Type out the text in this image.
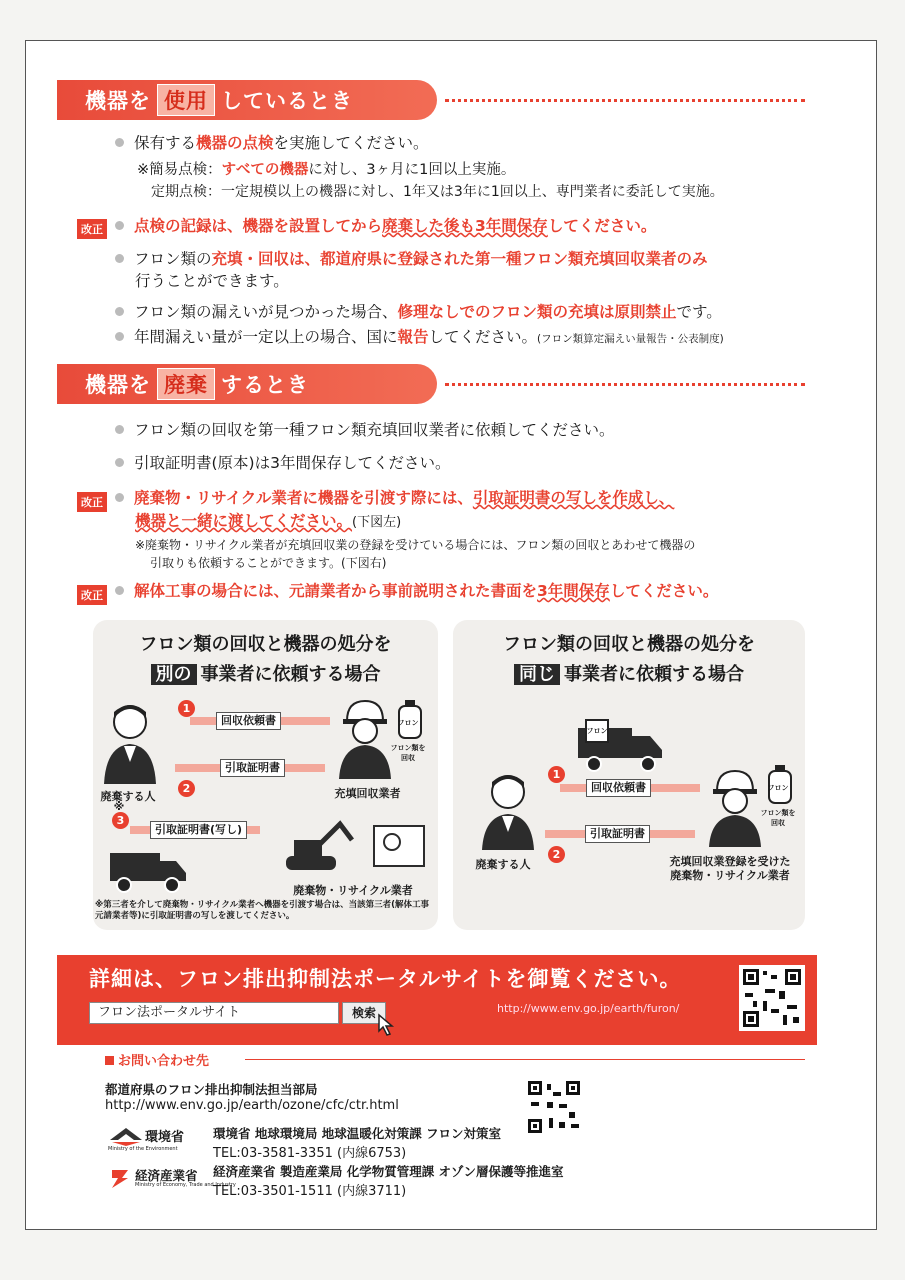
機器を 使用 しているとき
保有する機器の点検を実施してください。
※簡易点検：すべての機器に対し、3ヶ月に1回以上実施。
定期点検：一定規模以上の機器に対し、1年又は3年に1回以上、専門業者に委託して実施。
改正	点検の記録は、機器を設置してから廃棄した後も3年間保存してください。
フロン類の充填・回収は、都道府県に登録された第一種フロン類充填回収業者のみ
行うことができます。
フロン類の漏えいが見つかった場合、修理なしでのフロン類の充填は原則禁止です。
年間漏えい量が一定以上の場合、国に報告してください。(フロン類算定漏えい量報告・公表制度)
機器を 廃棄 するとき
フロン類の回収を第一種フロン類充填回収業者に依頼してください。
引取証明書(原本)は3年間保存してください。
改正	廃棄物・リサイクル業者に機器を引渡す際には、引取証明書の写しを作成し、
機器と一緒に渡してください。(下図左)
※廃棄物・リサイクル業者が充填回収業の登録を受けている場合には、フロン類の回収とあわせて機器の
引取りも依頼することができます。(下図右)
改正	解体工事の場合には、元請業者から事前説明された書面を3年間保存してください。
フロン類の回収と機器の処分を
別の 事業者に依頼する場合
廃棄する人
フロン
フロン類を回収
充填回収業者
1
回収依頼書
引取証明書
2
3
※
引取証明書(写し)
廃棄物・リサイクル業者
※第三者を介して廃棄物・リサイクル業者へ機器を引渡す場合は、当該第三者(解体工事元請業者等)に引取証明書の写しを渡してください。
フロン類の回収と機器の処分を
同じ 事業者に依頼する場合
フロン
廃棄する人
フロン
フロン類を回収
1
回収依頼書
引取証明書
2
充填回収業登録を受けた
廃棄物・リサイクル業者
詳細は、フロン排出抑制法ポータルサイトを御覧ください。
フロン法ポータルサイト	検索	http://www.env.go.jp/earth/furon/
お問い合わせ先
都道府県のフロン排出抑制法担当部局
http://www.env.go.jp/earth/ozone/cfc/ctr.html
環境省
Ministry of the Environment
環境省 地球環境局 地球温暖化対策課 フロン対策室
TEL:03-3581-3351 (内線6753)
経済産業省
Ministry of Economy, Trade and Industry
経済産業省 製造産業局 化学物質管理課 オゾン層保護等推進室
TEL:03-3501-1511 (内線3711)
